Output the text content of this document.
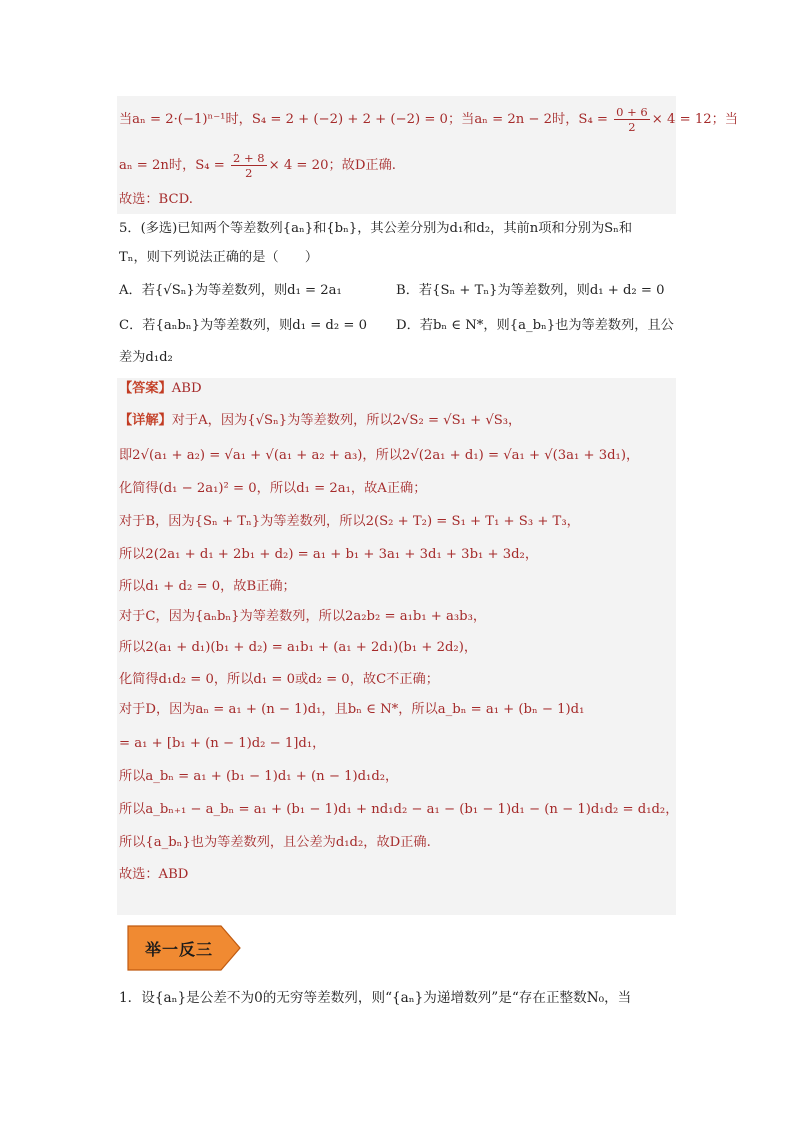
当aₙ = 2·(−1)ⁿ⁻¹时，S₄ = 2 + (−2) + 2 + (−2) = 0；当aₙ = 2n − 2时，$S_4 = \frac{0 + 6}{2} \times 4 = 12$；当
aₙ = 2n时，$S_4 = \frac{2 + 8}{2} \times 4 = 20$；故D正确.
故选：BCD.
5．(多选)已知两个等差数列{aₙ}和{bₙ}，其公差分别为d₁和d₂，其前n项和分别为Sₙ和
Tₙ，则下列说法正确的是（　　）
A．若{√Sₙ}为等差数列，则d₁ = 2a₁	B．若{Sₙ + Tₙ}为等差数列，则d₁ + d₂ = 0
C．若{aₙbₙ}为等差数列，则d₁ = d₂ = 0 D．若bₙ ∈ N*，则{a_bₙ}也为等差数列，且公
差为d₁d₂
【答案】ABD
【详解】对于A，因为{√Sₙ}为等差数列，所以2√S₂ = √S₁ + √S₃，
即2√(a₁ + a₂) = √a₁ + √(a₁ + a₂ + a₃)，所以2√(2a₁ + d₁) = √a₁ + √(3a₁ + 3d₁)，
化简得(d₁ − 2a₁)² = 0，所以d₁ = 2a₁，故A正确；
对于B，因为{Sₙ + Tₙ}为等差数列，所以2(S₂ + T₂) = S₁ + T₁ + S₃ + T₃，
所以2(2a₁ + d₁ + 2b₁ + d₂) = a₁ + b₁ + 3a₁ + 3d₁ + 3b₁ + 3d₂，
所以d₁ + d₂ = 0，故B正确；
对于C，因为{aₙbₙ}为等差数列，所以2a₂b₂ = a₁b₁ + a₃b₃，
所以2(a₁ + d₁)(b₁ + d₂) = a₁b₁ + (a₁ + 2d₁)(b₁ + 2d₂)，
化简得d₁d₂ = 0，所以d₁ = 0或d₂ = 0，故C不正确；
对于D，因为aₙ = a₁ + (n − 1)d₁，且bₙ ∈ N*，所以a_bₙ = a₁ + (bₙ − 1)d₁
= a₁ + [b₁ + (n − 1)d₂ − 1]d₁，
所以a_bₙ = a₁ + (b₁ − 1)d₁ + (n − 1)d₁d₂，
所以a_bₙ₊₁ − a_bₙ = a₁ + (b₁ − 1)d₁ + nd₁d₂ − a₁ − (b₁ − 1)d₁ − (n − 1)d₁d₂ = d₁d₂，
所以{a_bₙ}也为等差数列，且公差为d₁d₂，故D正确.
故选：ABD
举一反三
1．设{aₙ}是公差不为0的无穷等差数列，则“{aₙ}为递增数列”是“存在正整数N₀，当
